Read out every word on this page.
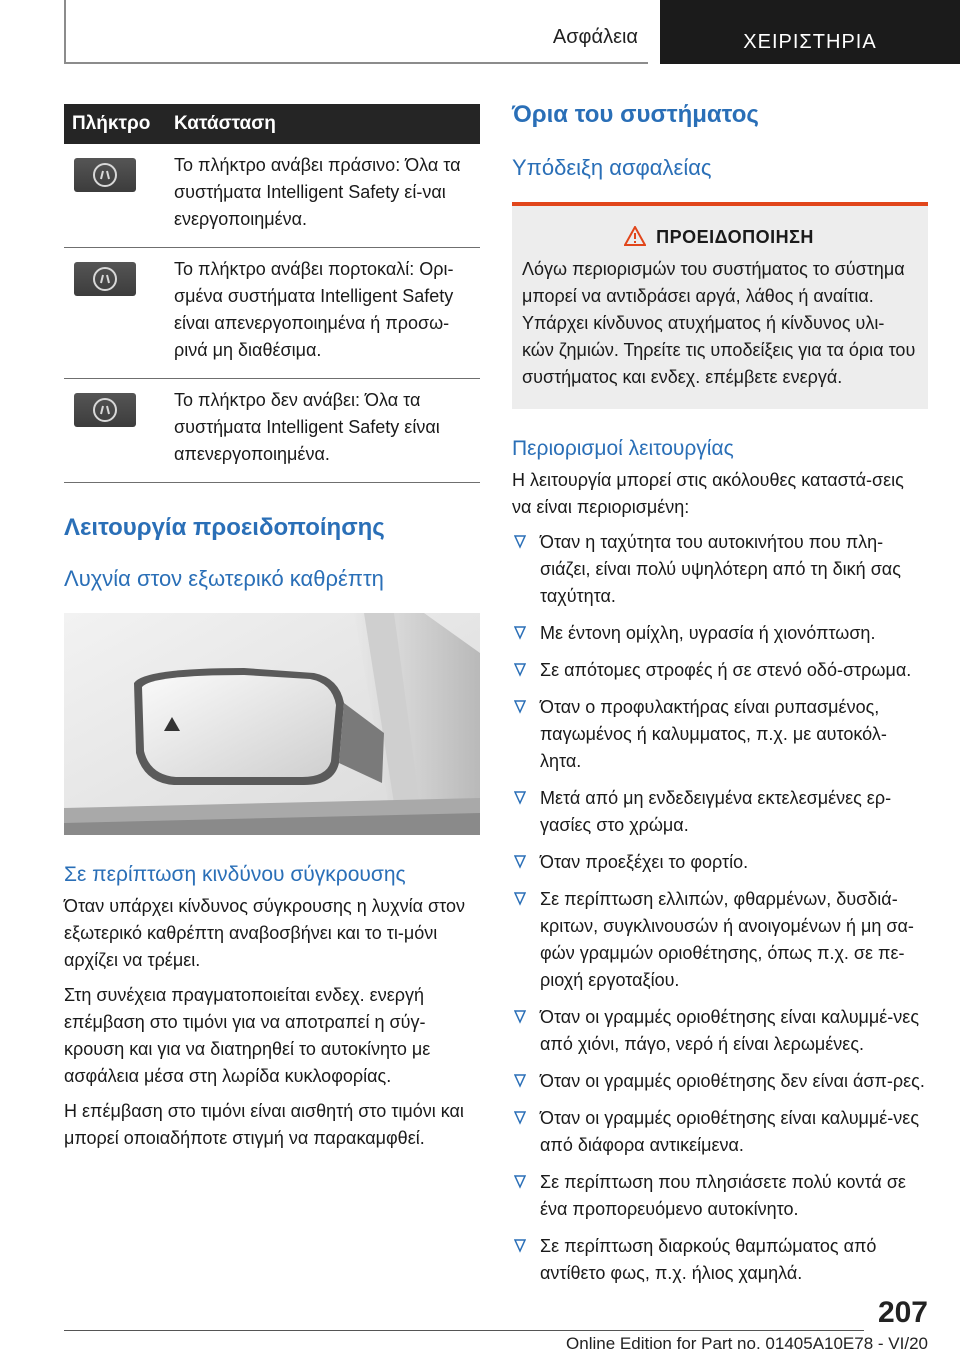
Ασφάλεια	ΧΕΙΡΙΣΤΗΡΙΑ
Πλήκτρο	Κατάσταση

	Το πλήκτρο ανάβει πράσινο: Όλα τα συστήματα Intelligent Safety εί-ναι ενεργοποιημένα.

	Το πλήκτρο ανάβει πορτοκαλί: Ορι-σμένα συστήματα Intelligent Safety είναι απενεργοποιημένα ή προσω-ρινά μη διαθέσιμα.

	Το πλήκτρο δεν ανάβει: Όλα τα συστήματα Intelligent Safety είναι απενεργοποιημένα.
Λειτουργία προειδοποίησης
Λυχνία στον εξωτερικό καθρέπτη
Σε περίπτωση κινδύνου σύγκρουσης

Όταν υπάρχει κίνδυνος σύγκρουσης η λυχνία στον εξωτερικό καθρέπτη αναβοσβήνει και το τι-μόνι αρχίζει να τρέμει.

Στη συνέχεια πραγματοποιείται ενδεχ. ενεργή επέμβαση στο τιμόνι για να αποτραπεί η σύγ-κρουση και για να διατηρηθεί το αυτοκίνητο με ασφάλεια μέσα στη λωρίδα κυκλοφορίας.

Η επέμβαση στο τιμόνι είναι αισθητή στο τιμόνι και μπορεί οποιαδήποτε στιγμή να παρακαμφθεί.

Όρια του συστήματος
Υπόδειξη ασφαλείας
ΠΡΟΕΙΔΟΠΟΙΗΣΗ
Λόγω περιορισμών του συστήματος το σύστημα μπορεί να αντιδράσει αργά, λάθος ή αναίτια. Υπάρχει κίνδυνος ατυχήματος ή κίνδυνος υλι-κών ζημιών. Τηρείτε τις υποδείξεις για τα όρια του συστήματος και ενδεχ. επέμβετε ενεργά.
Περιορισμοί λειτουργίας

Η λειτουργία μπορεί στις ακόλουθες καταστά-σεις να είναι περιορισμένη:

Όταν η ταχύτητα του αυτοκινήτου που πλη-σιάζει, είναι πολύ υψηλότερη από τη δική σας ταχύτητα.
Με έντονη ομίχλη, υγρασία ή χιονόπτωση.
Σε απότομες στροφές ή σε στενό οδό-στρωμα.
Όταν ο προφυλακτήρας είναι ρυπασμένος, παγωμένος ή καλυμματος, π.χ. με αυτοκόλ-λητα.
Μετά από μη ενδεδειγμένα εκτελεσμένες ερ-γασίες στο χρώμα.
Όταν προεξέχει το φορτίο.
Σε περίπτωση ελλιπών, φθαρμένων, δυσδιά-κριτων, συγκλινουσών ή ανοιγομένων ή μη σα-φών γραμμών οριοθέτησης, όπως π.χ. σε πε-ριοχή εργοταξίου.
Όταν οι γραμμές οριοθέτησης είναι καλυμμέ-νες από χιόνι, πάγο, νερό ή είναι λερωμένες.
Όταν οι γραμμές οριοθέτησης δεν είναι άσπ-ρες.
Όταν οι γραμμές οριοθέτησης είναι καλυμμέ-νες από διάφορα αντικείμενα.
Σε περίπτωση που πλησιάσετε πολύ κοντά σε ένα προπορευόμενο αυτοκίνητο.
Σε περίπτωση διαρκούς θαμπώματος από αντίθετο φως, π.χ. ήλιος χαμηλά.
207
Online Edition for Part no. 01405A10E78 - VI/20
